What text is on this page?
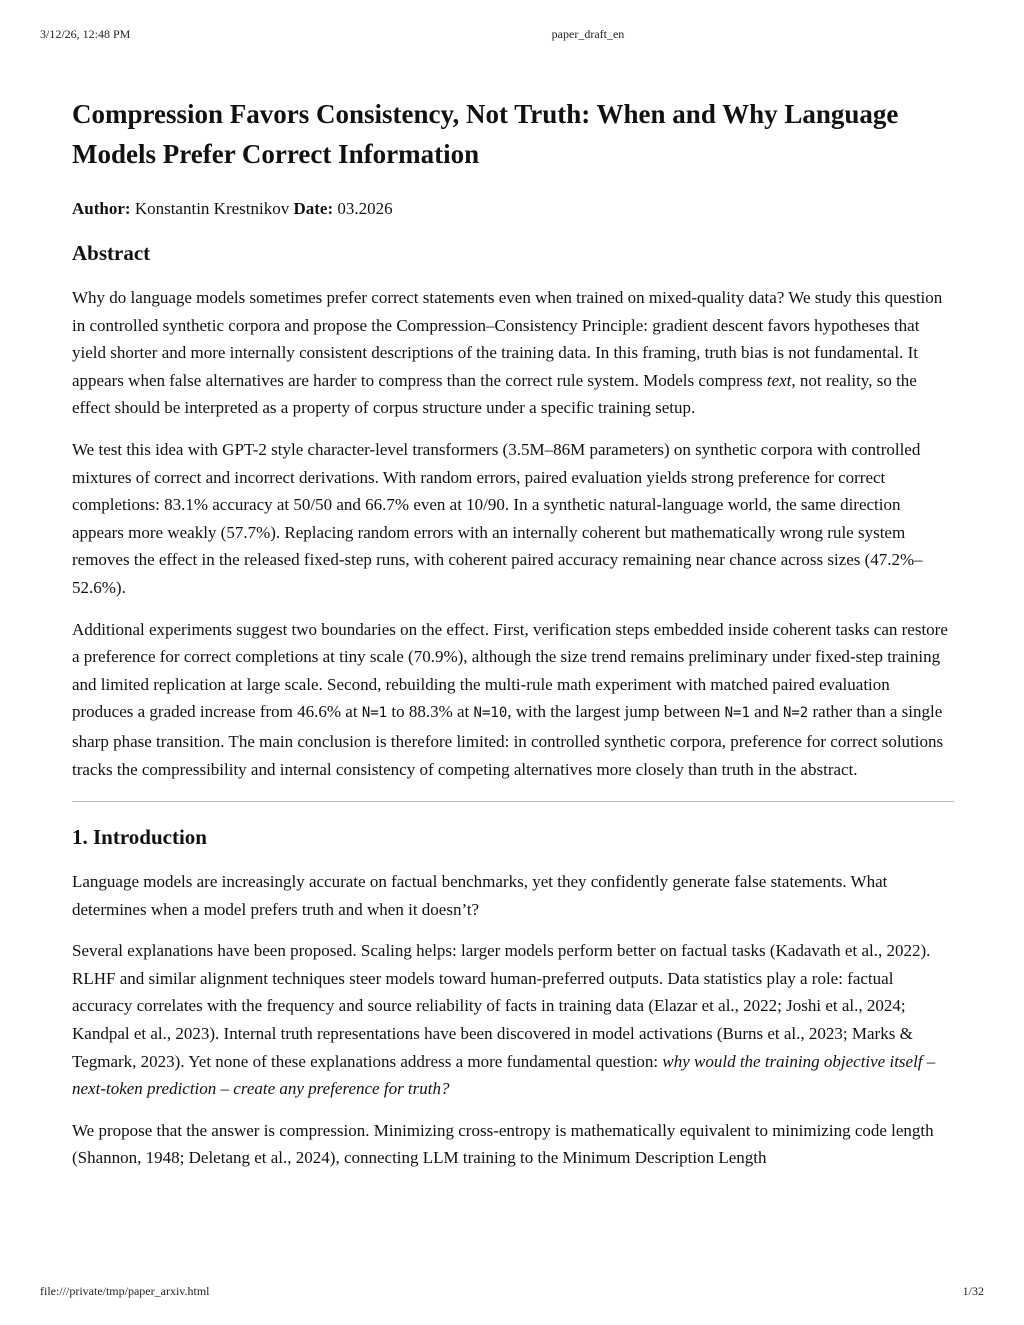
3/12/26, 12:48 PM	paper_draft_en
Compression Favors Consistency, Not Truth: When and Why Language Models Prefer Correct Information
Author: Konstantin Krestnikov Date: 03.2026
Abstract

Why do language models sometimes prefer correct statements even when trained on mixed-quality data? We study this question in controlled synthetic corpora and propose the Compression–Consistency Principle: gradient descent favors hypotheses that yield shorter and more internally consistent descriptions of the training data. In this framing, truth bias is not fundamental. It appears when false alternatives are harder to compress than the correct rule system. Models compress text, not reality, so the effect should be interpreted as a property of corpus structure under a specific training setup.

We test this idea with GPT-2 style character-level transformers (3.5M–86M parameters) on synthetic corpora with controlled mixtures of correct and incorrect derivations. With random errors, paired evaluation yields strong preference for correct completions: 83.1% accuracy at 50/50 and 66.7% even at 10/90. In a synthetic natural-language world, the same direction appears more weakly (57.7%). Replacing random errors with an internally coherent but mathematically wrong rule system removes the effect in the released fixed-step runs, with coherent paired accuracy remaining near chance across sizes (47.2%–52.6%).

Additional experiments suggest two boundaries on the effect. First, verification steps embedded inside coherent tasks can restore a preference for correct completions at tiny scale (70.9%), although the size trend remains preliminary under fixed-step training and limited replication at large scale. Second, rebuilding the multi-rule math experiment with matched paired evaluation produces a graded increase from 46.6% at N=1 to 88.3% at N=10, with the largest jump between N=1 and N=2 rather than a single sharp phase transition. The main conclusion is therefore limited: in controlled synthetic corpora, preference for correct solutions tracks the compressibility and internal consistency of competing alternatives more closely than truth in the abstract.

1. Introduction

Language models are increasingly accurate on factual benchmarks, yet they confidently generate false statements. What determines when a model prefers truth and when it doesn’t?

Several explanations have been proposed. Scaling helps: larger models perform better on factual tasks (Kadavath et al., 2022). RLHF and similar alignment techniques steer models toward human-preferred outputs. Data statistics play a role: factual accuracy correlates with the frequency and source reliability of facts in training data (Elazar et al., 2022; Joshi et al., 2024; Kandpal et al., 2023). Internal truth representations have been discovered in model activations (Burns et al., 2023; Marks & Tegmark, 2023). Yet none of these explanations address a more fundamental question: why would the training objective itself – next-token prediction – create any preference for truth?

We propose that the answer is compression. Minimizing cross-entropy is mathematically equivalent to minimizing code length (Shannon, 1948; Deletang et al., 2024), connecting LLM training to the Minimum Description Length

file:///private/tmp/paper_arxiv.html	1/32
